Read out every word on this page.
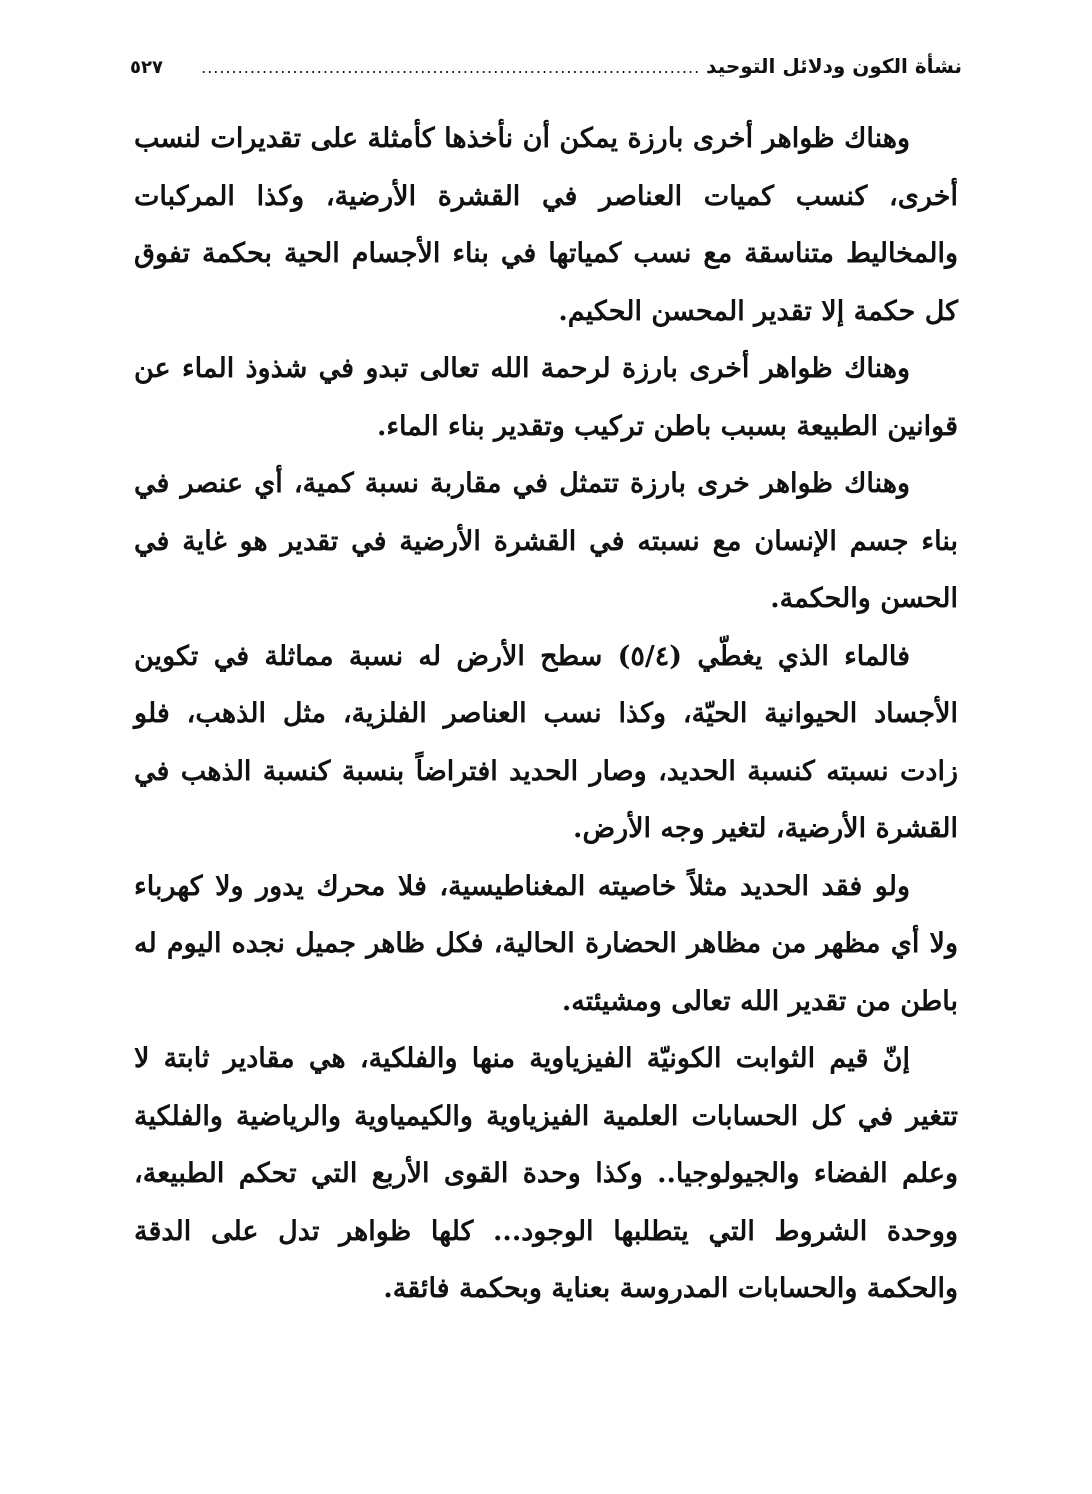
نشأة الكون ودلائل التوحيد
..................................................................................
٥٢٧

وهناك ظواهر أخرى بارزة يمكن أن نأخذها كأمثلة على تقديرات لنسب أخرى، كنسب كميات العناصر في القشرة الأرضية، وكذا المركبات والمخاليط متناسقة مع نسب كمياتها في بناء الأجسام الحية بحكمة تفوق كل حكمة إلا تقدير المحسن الحكيم.

وهناك ظواهر أخرى بارزة لرحمة الله تعالى تبدو في شذوذ الماء عن قوانين الطبيعة بسبب باطن تركيب وتقدير بناء الماء.

وهناك ظواهر خرى بارزة تتمثل في مقاربة نسبة كمية، أي عنصر في بناء جسم الإنسان مع نسبته في القشرة الأرضية في تقدير هو غاية في الحسن والحكمة.

فالماء الذي يغطّي (٥/٤) سطح الأرض له نسبة مماثلة في تكوين الأجساد الحيوانية الحيّة، وكذا نسب العناصر الفلزية، مثل الذهب، فلو زادت نسبته كنسبة الحديد، وصار الحديد افتراضاً بنسبة كنسبة الذهب في القشرة الأرضية، لتغير وجه الأرض.

ولو فقد الحديد مثلاً خاصيته المغناطيسية، فلا محرك يدور ولا كهرباء ولا أي مظهر من مظاهر الحضارة الحالية، فكل ظاهر جميل نجده اليوم له باطن من تقدير الله تعالى ومشيئته.

إنّ قيم الثوابت الكونيّة الفيزياوية منها والفلكية، هي مقادير ثابتة لا تتغير في كل الحسابات العلمية الفيزياوية والكيمياوية والرياضية والفلكية وعلم الفضاء والجيولوجيا.. وكذا وحدة القوى الأربع التي تحكم الطبيعة، ووحدة الشروط التي يتطلبها الوجود... كلها ظواهر تدل على الدقة والحكمة والحسابات المدروسة بعناية وبحكمة فائقة.
